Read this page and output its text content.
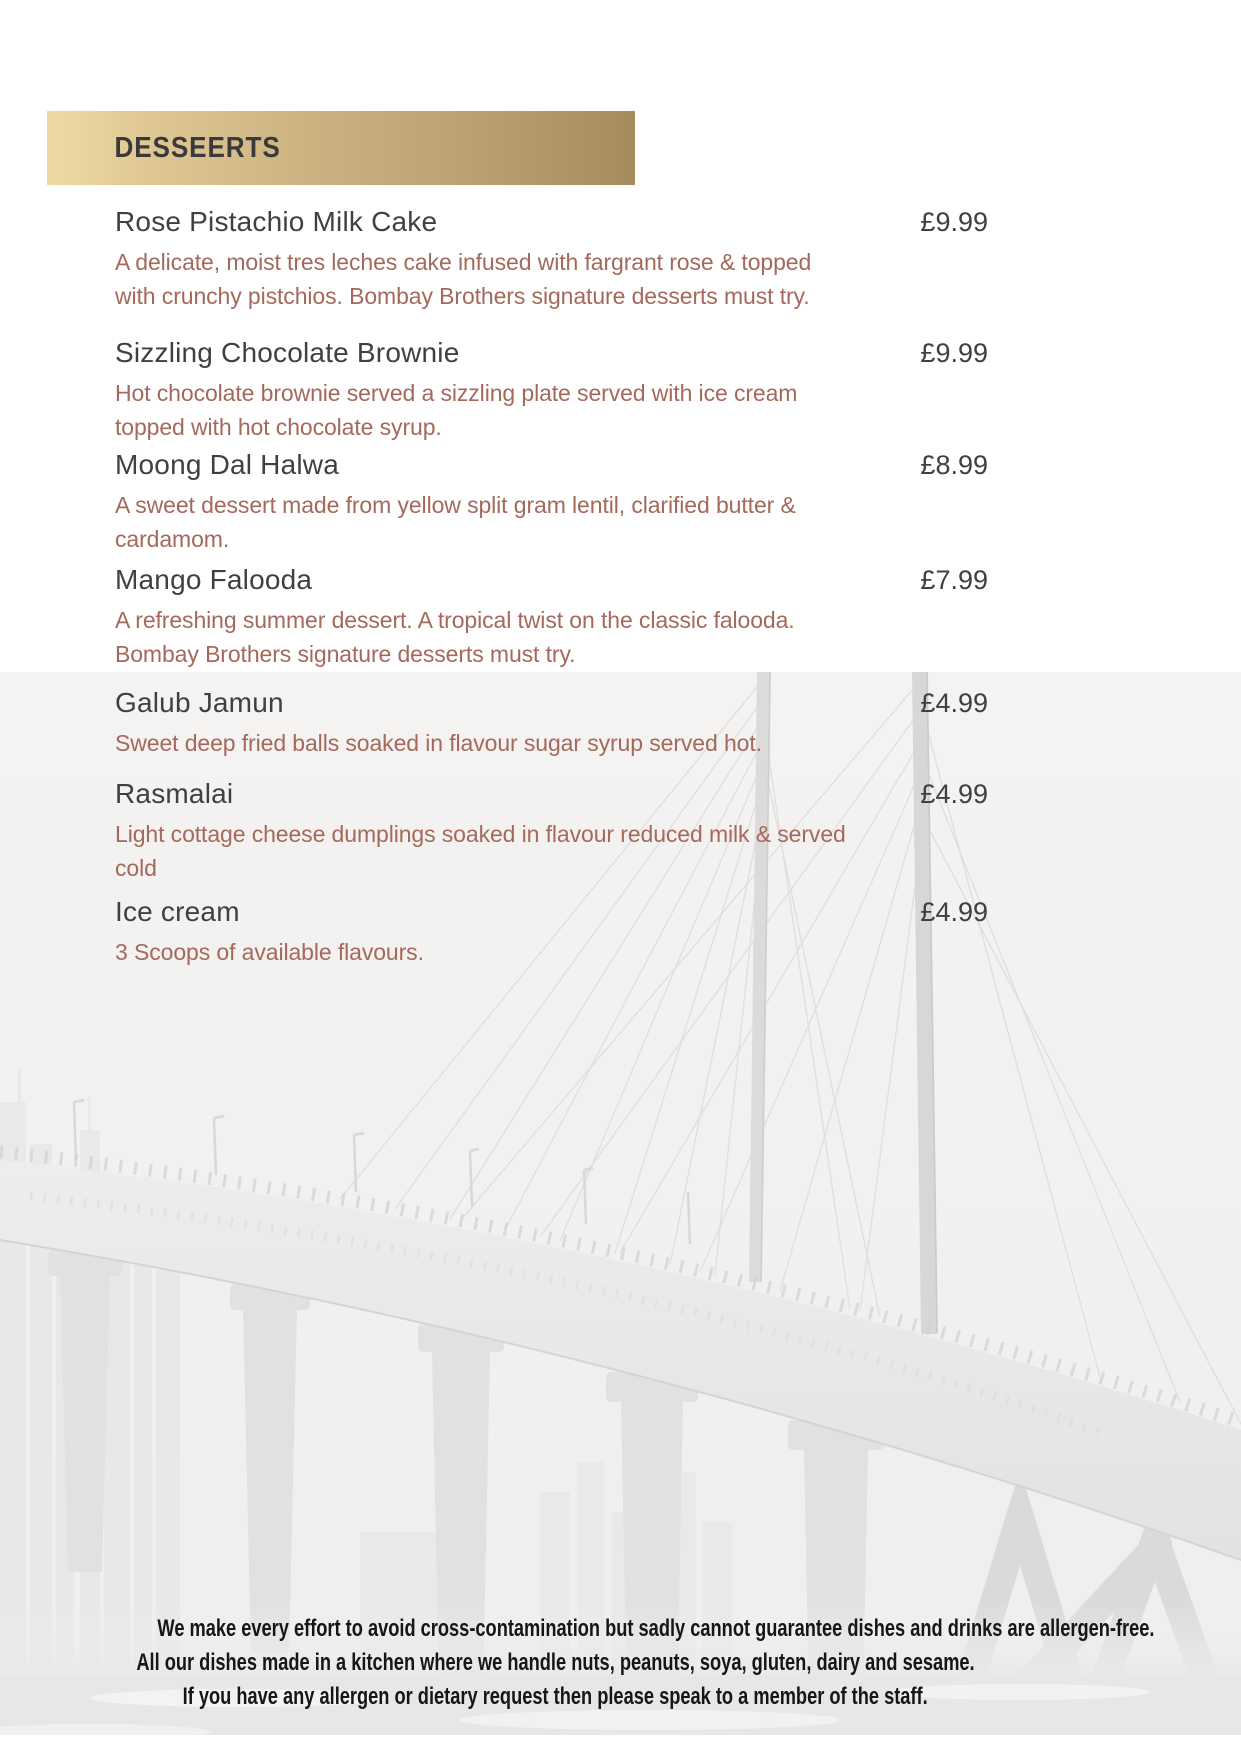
DESSEERTS
Rose Pistachio Milk Cake	£9.99
A delicate, moist tres leches cake infused with fargrant rose & topped
with crunchy pistchios. Bombay Brothers signature desserts must try.
Sizzling Chocolate Brownie	£9.99
Hot chocolate brownie served a sizzling plate served with ice cream
topped with hot chocolate syrup.
Moong Dal Halwa	£8.99
A sweet dessert made from yellow split gram lentil, clarified butter &
cardamom.
Mango Falooda	£7.99
A refreshing summer dessert. A tropical twist on the classic falooda.
Bombay Brothers signature desserts must try.
Galub Jamun	£4.99
Sweet deep fried balls soaked in flavour sugar syrup served hot.
Rasmalai	£4.99
Light cottage cheese dumplings soaked in flavour reduced milk & served
cold
Ice cream	£4.99
3 Scoops of available flavours.
We make every effort to avoid cross-contamination but sadly cannot guarantee dishes and drinks are allergen-free.
All our dishes made in a kitchen where we handle nuts, peanuts, soya, gluten, dairy and sesame.
If you have any allergen or dietary request then please speak to a member of the staff.
